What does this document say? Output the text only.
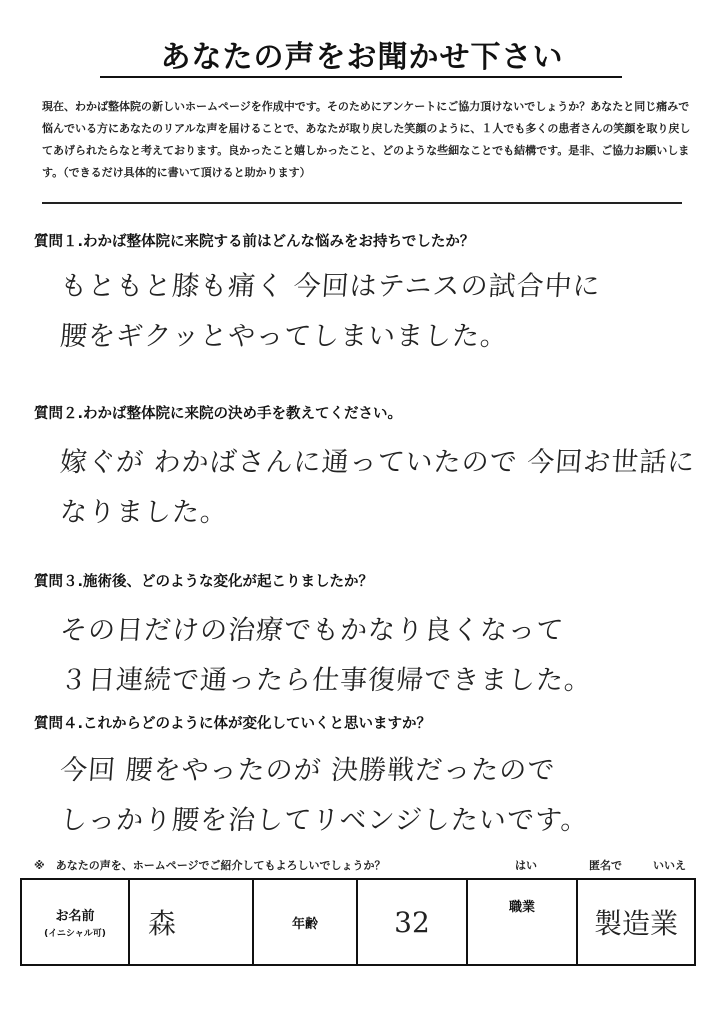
あなたの声をお聞かせ下さい
現在、わかば整体院の新しいホームページを作成中です。そのためにアンケートにご協力頂けないでしょうか？あなたと同じ痛みで悩んでいる方にあなたのリアルな声を届けることで、あなたが取り戻した笑顔のように、１人でも多くの患者さんの笑顔を取り戻してあげられたらなと考えております。良かったこと嬉しかったこと、どのような些細なことでも結構です。是非、ご協力お願いします。（できるだけ具体的に書いて頂けると助かります）
質問１.わかば整体院に来院する前はどんな悩みをお持ちでしたか？
もともと膝も痛く 今回はテニスの試合中に
腰をギクッとやってしまいました。
質問２.わかば整体院に来院の決め手を教えてください。
嫁ぐが わかばさんに通っていたので 今回お世話に
なりました。
質問３.施術後、どのような変化が起こりましたか？
その日だけの治療でもかなり良くなって
３日連続で通ったら仕事復帰できました。
質問４.これからどのように体が変化していくと思いますか？
今回 腰をやったのが 決勝戦だったので
しっかり腰を治してリベンジしたいです。
※　あなたの声を、ホームページでご紹介してもよろしいでしょうか？	はい	匿名で	いいえ
お名前
(イニシャル可)	森	年齢	32	職業	製造業
